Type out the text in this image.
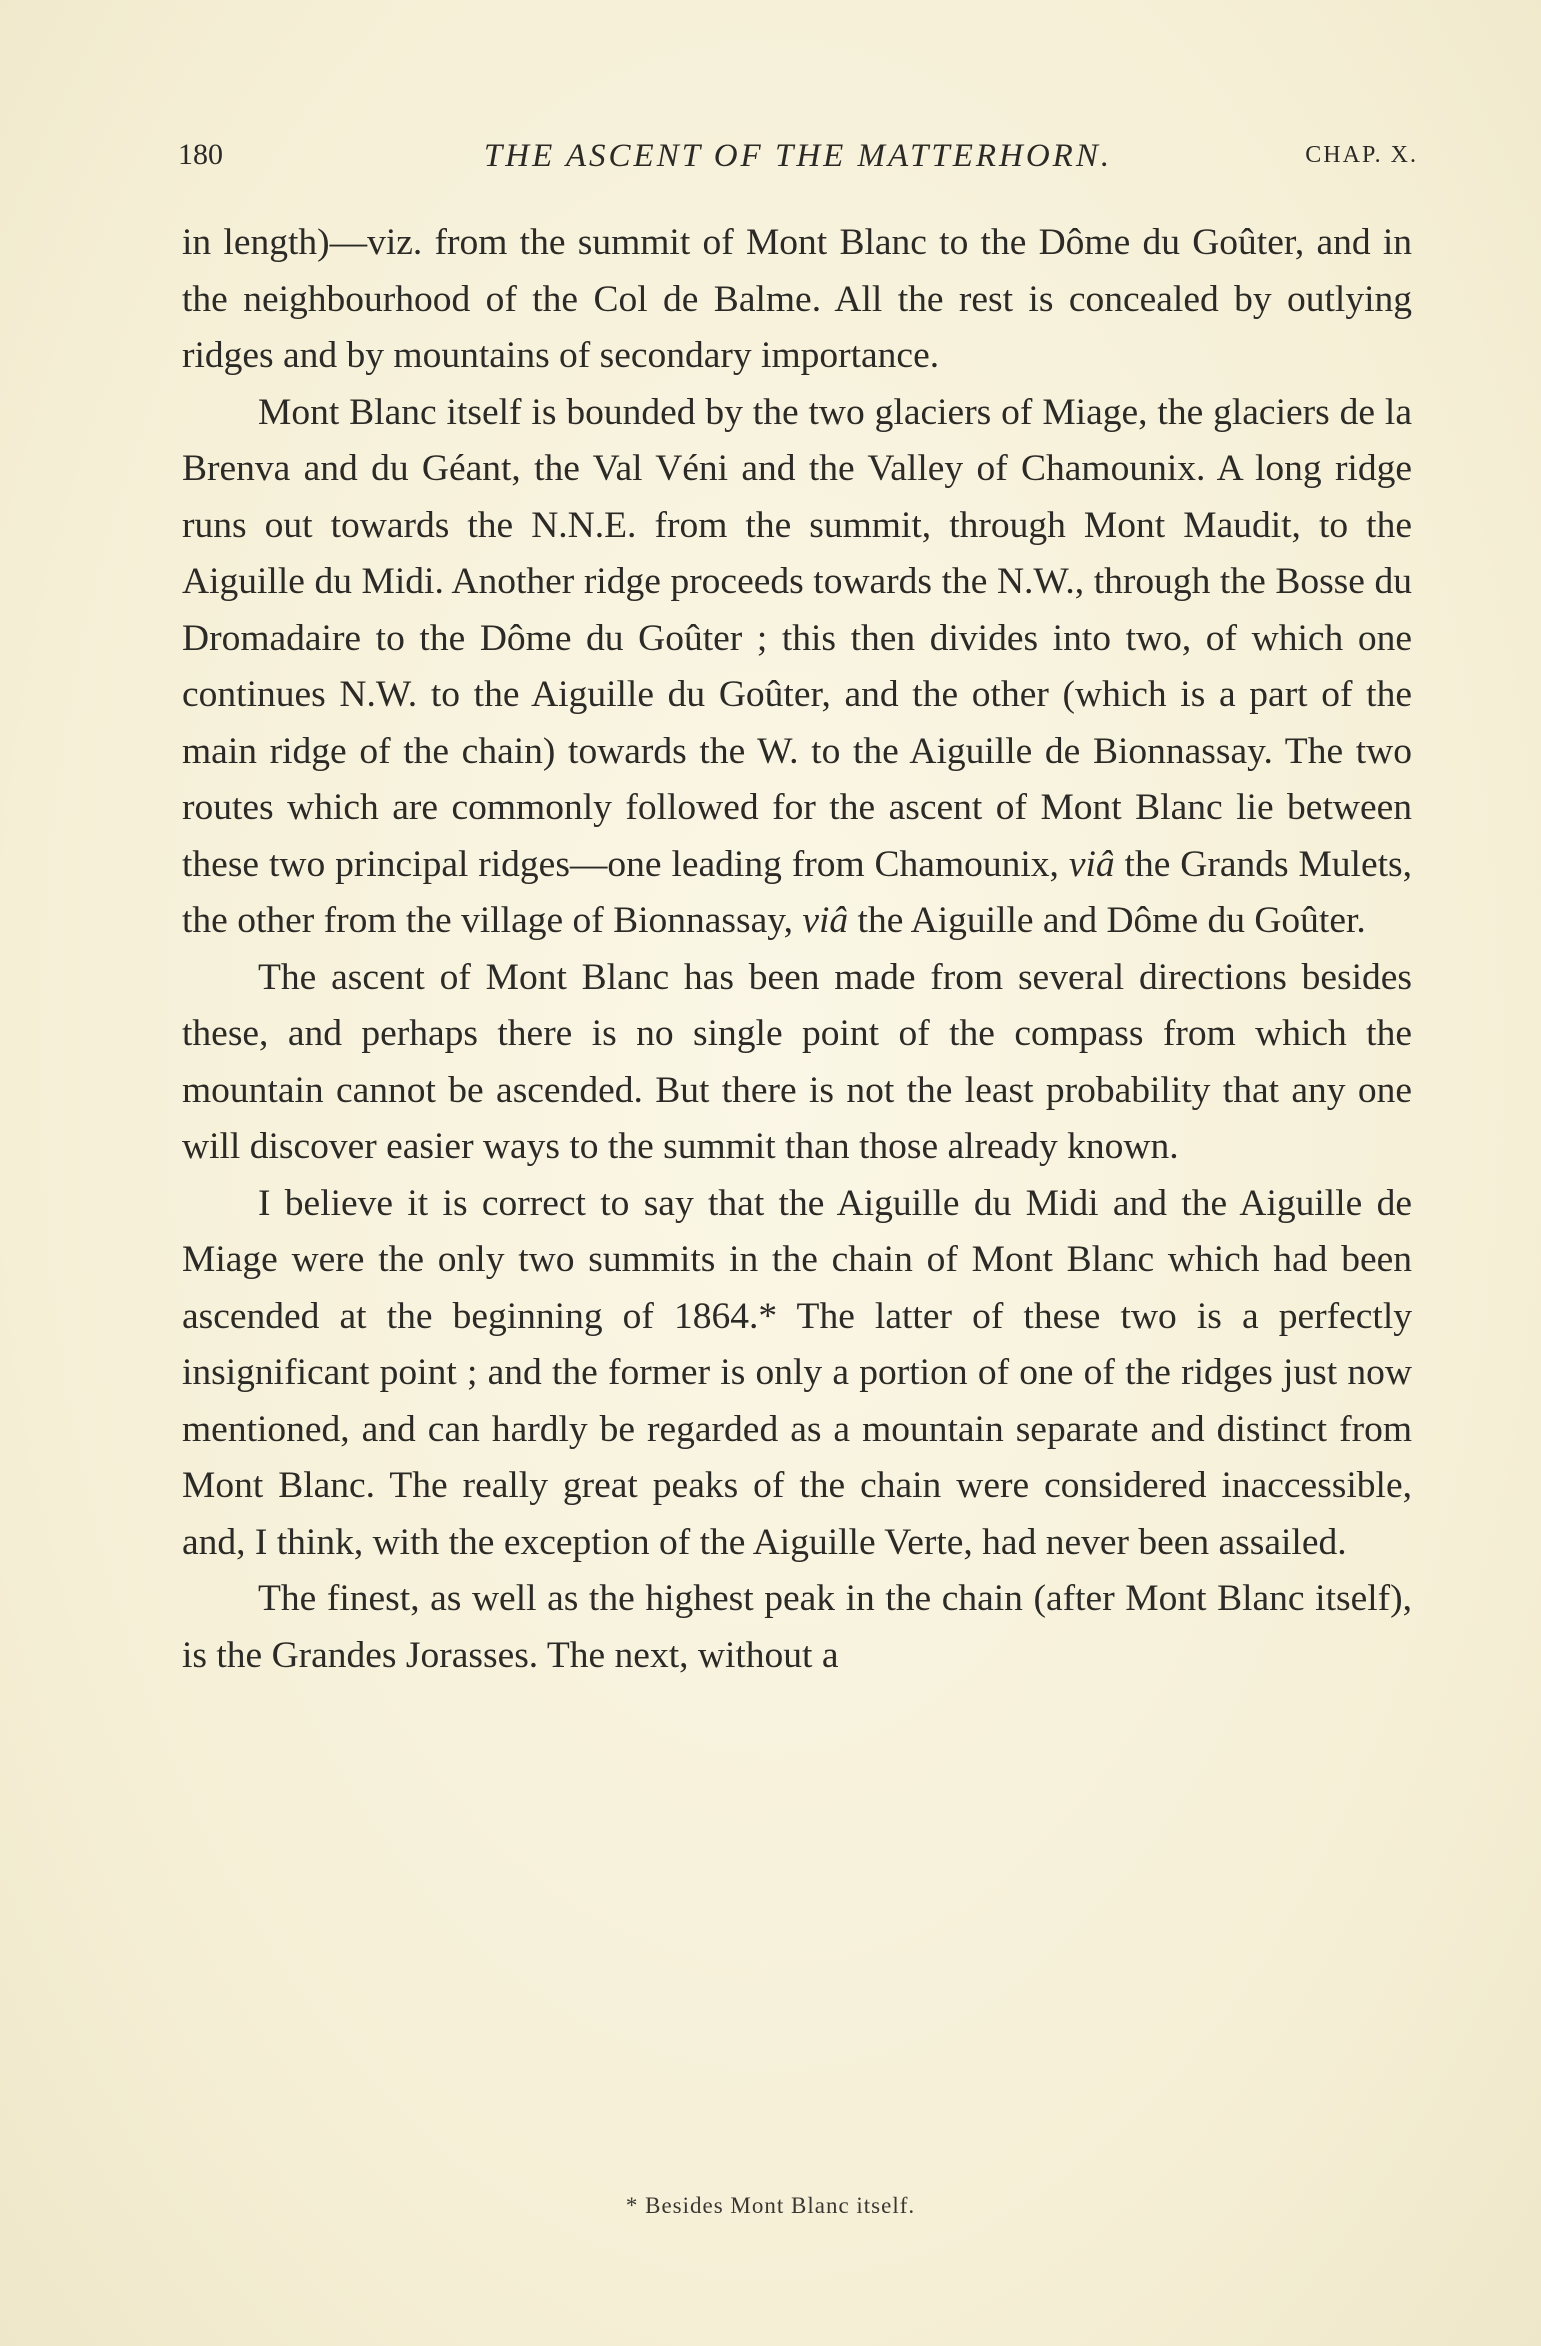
180	THE ASCENT OF THE MATTERHORN.	CHAP. X.

in length)—viz. from the summit of Mont Blanc to the Dôme du Goûter, and in the neighbourhood of the Col de Balme. All the rest is concealed by outlying ridges and by mountains of secondary importance.

Mont Blanc itself is bounded by the two glaciers of Miage, the glaciers de la Brenva and du Géant, the Val Véni and the Valley of Chamounix. A long ridge runs out towards the N.N.E. from the summit, through Mont Maudit, to the Aiguille du Midi. Another ridge proceeds towards the N.W., through the Bosse du Dromadaire to the Dôme du Goûter ; this then divides into two, of which one continues N.W. to the Aiguille du Goûter, and the other (which is a part of the main ridge of the chain) towards the W. to the Aiguille de Bionnassay. The two routes which are commonly followed for the ascent of Mont Blanc lie between these two principal ridges—one leading from Chamounix, viâ the Grands Mulets, the other from the village of Bionnassay, viâ the Aiguille and Dôme du Goûter.

The ascent of Mont Blanc has been made from several directions besides these, and perhaps there is no single point of the compass from which the mountain cannot be ascended. But there is not the least probability that any one will discover easier ways to the summit than those already known.

I believe it is correct to say that the Aiguille du Midi and the Aiguille de Miage were the only two summits in the chain of Mont Blanc which had been ascended at the beginning of 1864.* The latter of these two is a perfectly insignificant point ; and the former is only a portion of one of the ridges just now mentioned, and can hardly be regarded as a mountain separate and distinct from Mont Blanc. The really great peaks of the chain were considered inaccessible, and, I think, with the exception of the Aiguille Verte, had never been assailed.

The finest, as well as the highest peak in the chain (after Mont Blanc itself), is the Grandes Jorasses. The next, without a

* Besides Mont Blanc itself.
